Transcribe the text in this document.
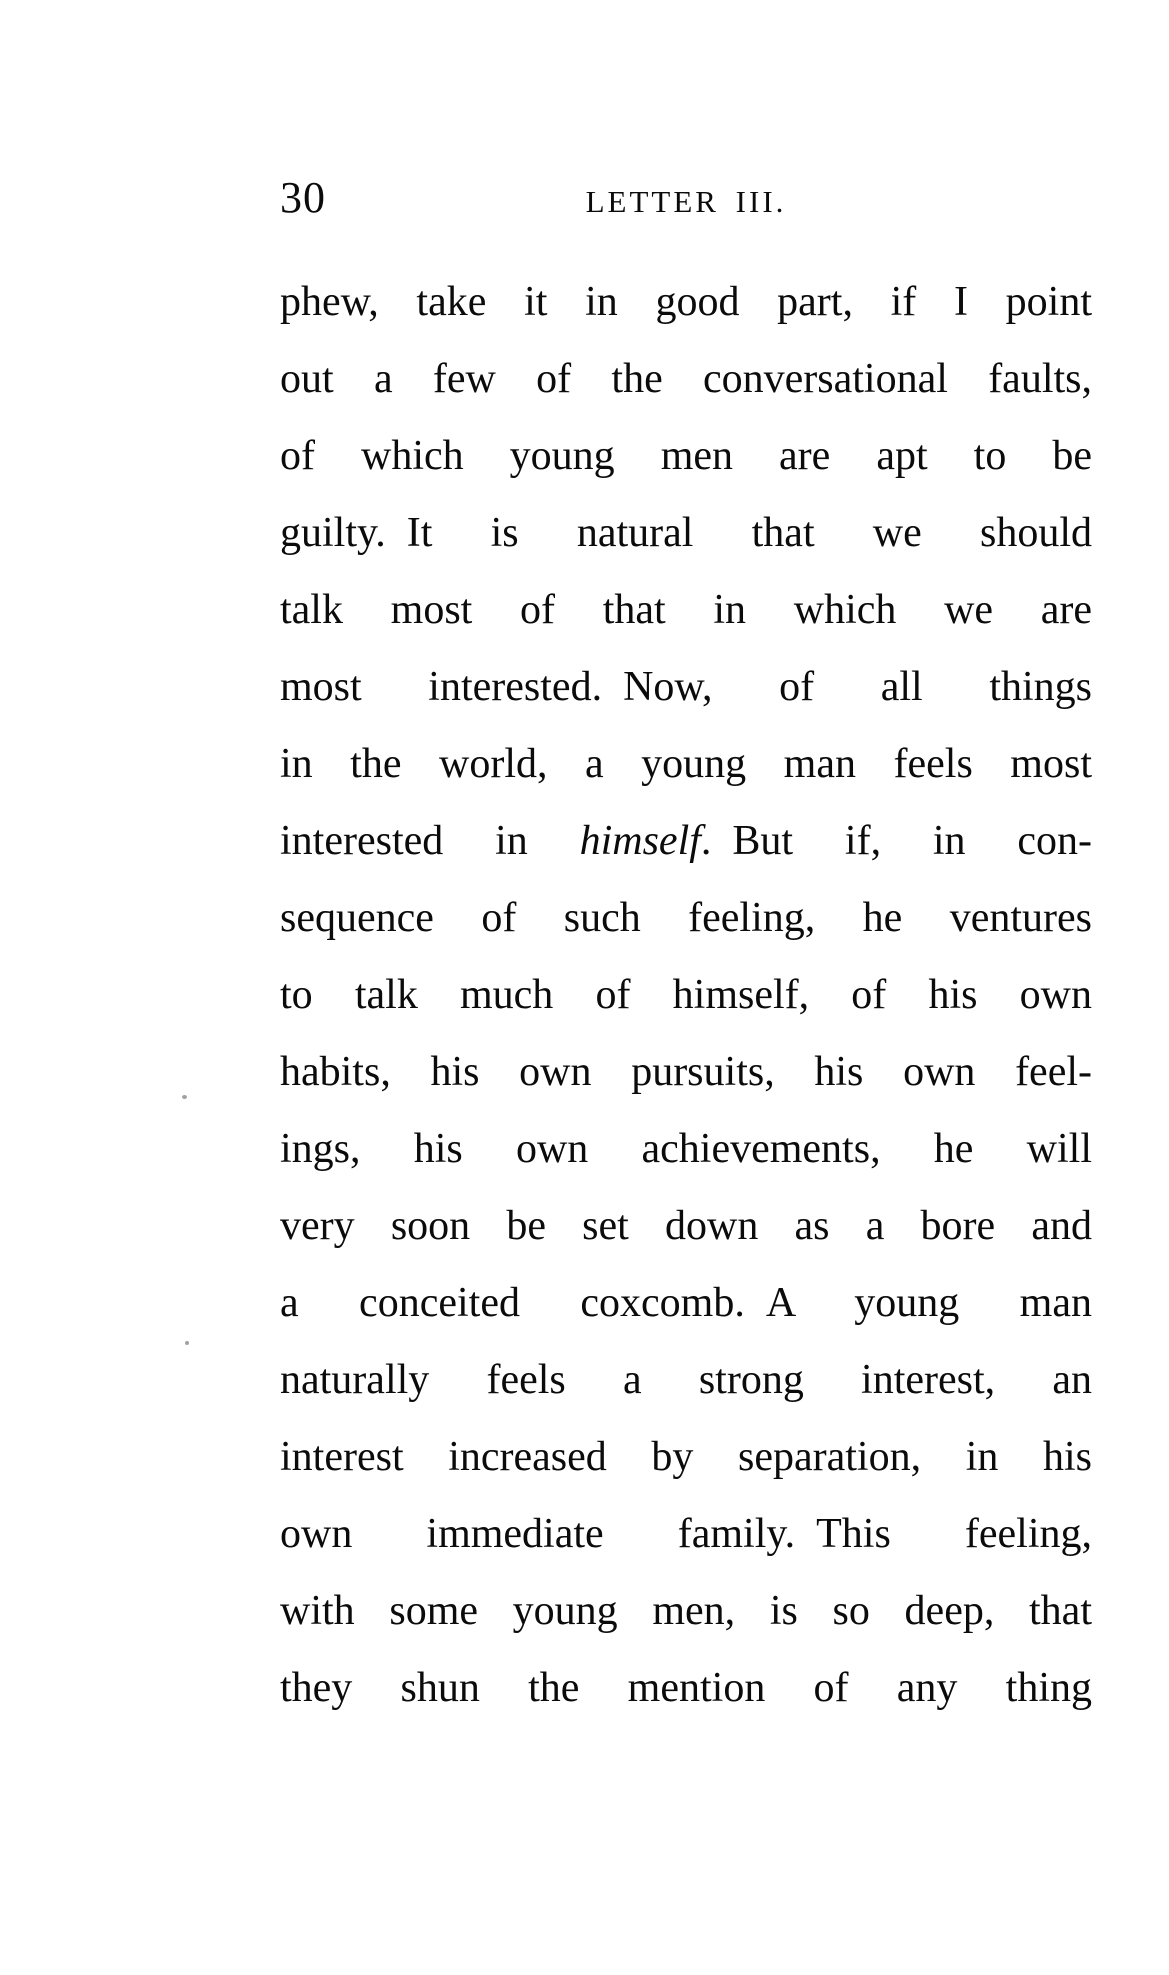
30	LETTER III.
phew, take it in good part, if I point
out a few of the conversational faults,
of which young men are apt to be
guilty. It is natural that we should
talk most of that in which we are
most interested. Now, of all things
in the world, a young man feels most
interested in himself. But if, in con-
sequence of such feeling, he ventures
to talk much of himself, of his own
habits, his own pursuits, his own feel-
ings, his own achievements, he will
very soon be set down as a bore and
a conceited coxcomb. A young man
naturally feels a strong interest, an
interest increased by separation, in his
own immediate family. This feeling,
with some young men, is so deep, that
they shun the mention of any thing
